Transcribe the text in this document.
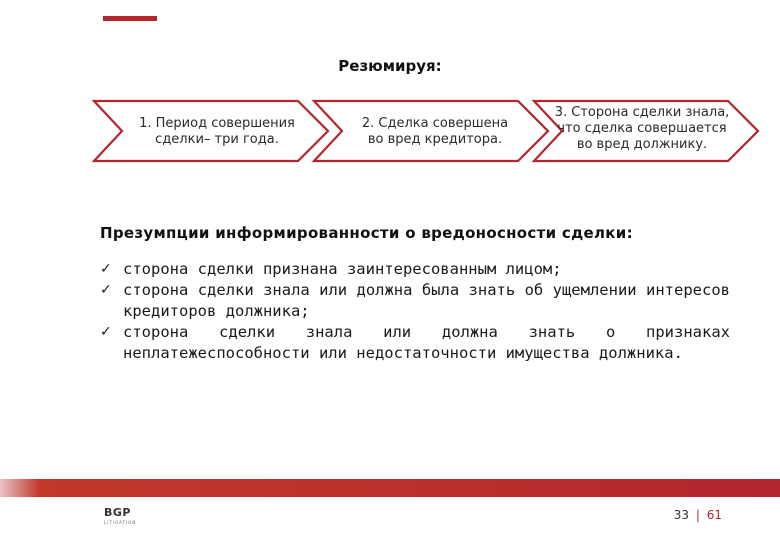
Резюмируя:
1. Период совершения
сделки– три года.
2. Сделка совершена
во вред кредитора.
3. Сторона сделки знала,
что сделка совершается
во вред должнику.
Презумпции информированности о вредоносности сделки:
✓ сторона сделки признана заинтересованным лицом;
✓ сторона сделки знала или должна была знать об ущемлении интересов кредиторов должника;
✓ сторона сделки знала или должна знать о признаках неплатежеспособности или недостаточности имущества должника.
BGP
LITIGATION
33 | 61
